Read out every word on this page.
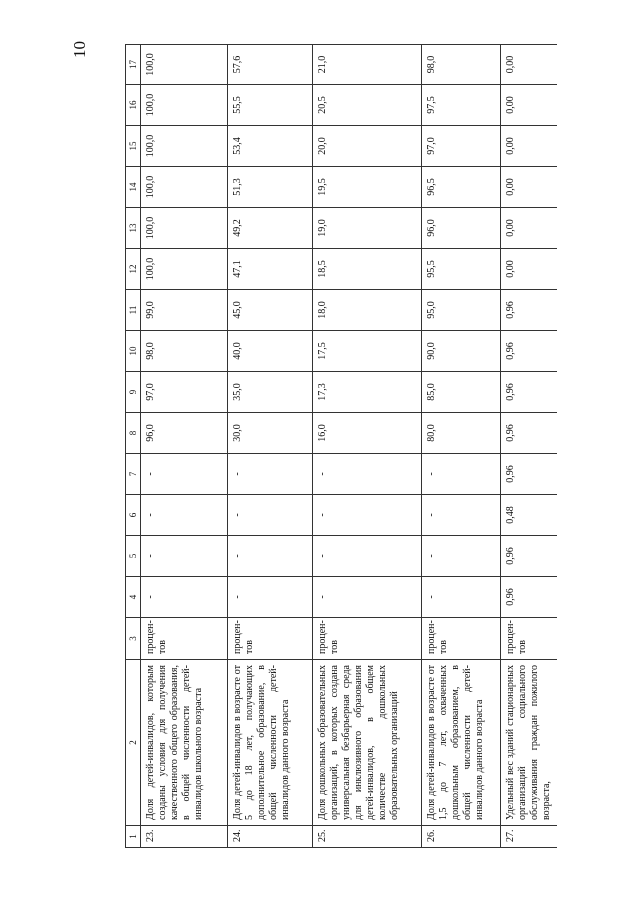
10
1	2	3	4	5	6	7	8	9	10	11	12	13	14	15	16	17
23.	Доля детей-инвалидов, которым созданы условия для получения качественного общего образования, в общей численности детей-инвалидов школьного возраста	процен-тов	-	-	-	-	96,0	97,0	98,0	99,0	100,0	100,0	100,0	100,0	100,0	100,0
24.	Доля детей-инвалидов в возрасте от 5 до 18 лет, получающих дополнительное образование, в общей численности детей-инвалидов данного возраста	процен-тов	-	-	-	-	30,0	35,0	40,0	45,0	47,1	49,2	51,3	53,4	55,5	57,6
25.	Доля дошкольных образовательных организаций, в которых создана универсальная безбарьерная среда для инклюзивного образования детей-инвалидов, в общем количестве дошкольных образовательных организаций	процен-тов	-	-	-	-	16,0	17,3	17,5	18,0	18,5	19,0	19,5	20,0	20,5	21,0
26.	Доля детей-инвалидов в возрасте от 1,5 до 7 лет, охваченных дошкольным образованием, в общей численности детей-инвалидов данного возраста	процен-тов	-	-	-	-	80,0	85,0	90,0	95,0	95,5	96,0	96,5	97,0	97,5	98,0
27.	Удельный вес зданий стационарных организаций социального обслуживания граждан пожилого возраста,	процен-тов	0,96	0,96	0,48	0,96	0,96	0,96	0,96	0,96	0,00	0,00	0,00	0,00	0,00	0,00
